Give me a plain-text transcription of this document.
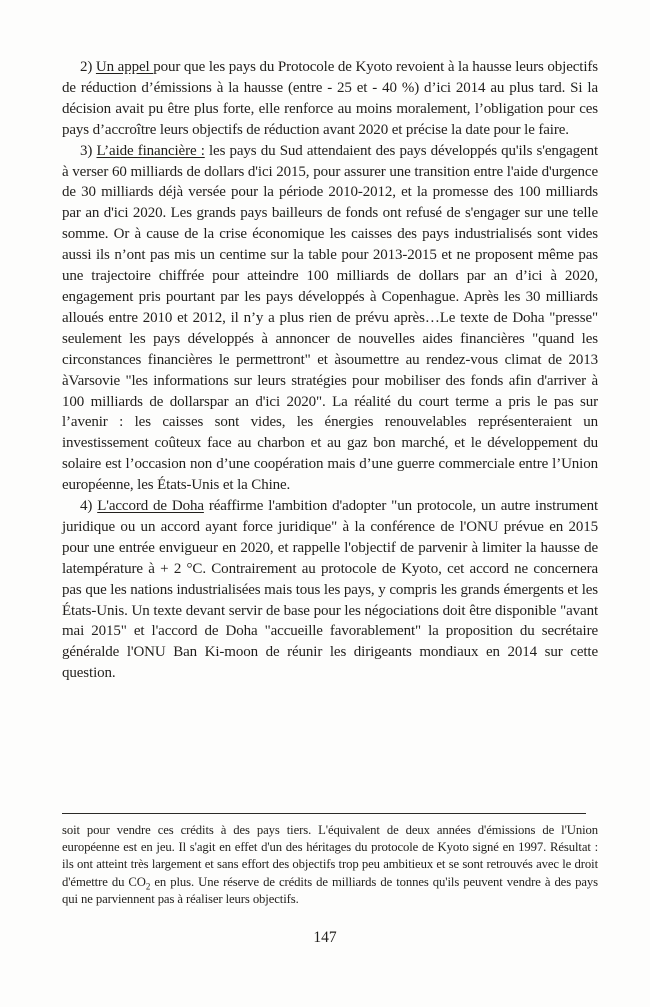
2) Un appel pour que les pays du Protocole de Kyoto revoient à la hausse leurs objectifs de réduction d’émissions à la hausse (entre - 25 et - 40 %) d’ici 2014 au plus tard. Si la décision avait pu être plus forte, elle renforce au moins moralement, l’obligation pour ces pays d’accroître leurs objectifs de réduction avant 2020 et précise la date pour le faire.

3) L’aide financière : les pays du Sud attendaient des pays développés qu'ils s'engagent à verser 60 milliards de dollars d'ici 2015, pour assurer une transition entre l'aide d'urgence de 30 milliards déjà versée pour la période 2010-2012, et la promesse des 100 milliards par an d'ici 2020. Les grands pays bailleurs de fonds ont refusé de s'engager sur une telle somme. Or à cause de la crise économique les caisses des pays industrialisés sont vides aussi ils n’ont pas mis un centime sur la table pour 2013-2015 et ne proposent même pas une trajectoire chiffrée pour atteindre 100 milliards de dollars par an d’ici à 2020, engagement pris pourtant par les pays développés à Copenhague. Après les 30 milliards alloués entre 2010 et 2012, il n’y a plus rien de prévu après…Le texte de Doha "presse" seulement les pays développés à annoncer de nouvelles aides financières "quand les circonstances financières le permettront" et àsoumettre au rendez-vous climat de 2013 àVarsovie "les informations sur leurs stratégies pour mobiliser des fonds afin d'arriver à 100 milliards de dollarspar an d'ici 2020". La réalité du court terme a pris le pas sur l’avenir : les caisses sont vides, les énergies renouvelables représenteraient un investissement coûteux face au charbon et au gaz bon marché, et le développement du solaire est l’occasion non d’une coopération mais d’une guerre commerciale entre l’Union européenne, les États-Unis et la Chine.

4) L'accord de Doha réaffirme l'ambition d'adopter "un protocole, un autre instrument juridique ou un accord ayant force juridique" à la conférence de l'ONU prévue en 2015 pour une entrée envigueur en 2020, et rappelle l'objectif de parvenir à limiter la hausse de latempérature à + 2 °C. Contrairement au protocole de Kyoto, cet accord ne concernera pas que les nations industrialisées mais tous les pays, y compris les grands émergents et les États-Unis. Un texte devant servir de base pour les négociations doit être disponible "avant mai 2015" et l'accord de Doha "accueille favorablement" la proposition du secrétaire généralde l'ONU Ban Ki-moon de réunir les dirigeants mondiaux en 2014 sur cette question.

soit pour vendre ces crédits à des pays tiers. L'équivalent de deux années d'émissions de l'Union européenne est en jeu. Il s'agit en effet d'un des héritages du protocole de Kyoto signé en 1997. Résultat : ils ont atteint très largement et sans effort des objectifs trop peu ambitieux et se sont retrouvés avec le droit d'émettre du $CO_2$ en plus. Une réserve de crédits de milliards de tonnes qu'ils peuvent vendre à des pays qui ne parviennent pas à réaliser leurs objectifs.
147
